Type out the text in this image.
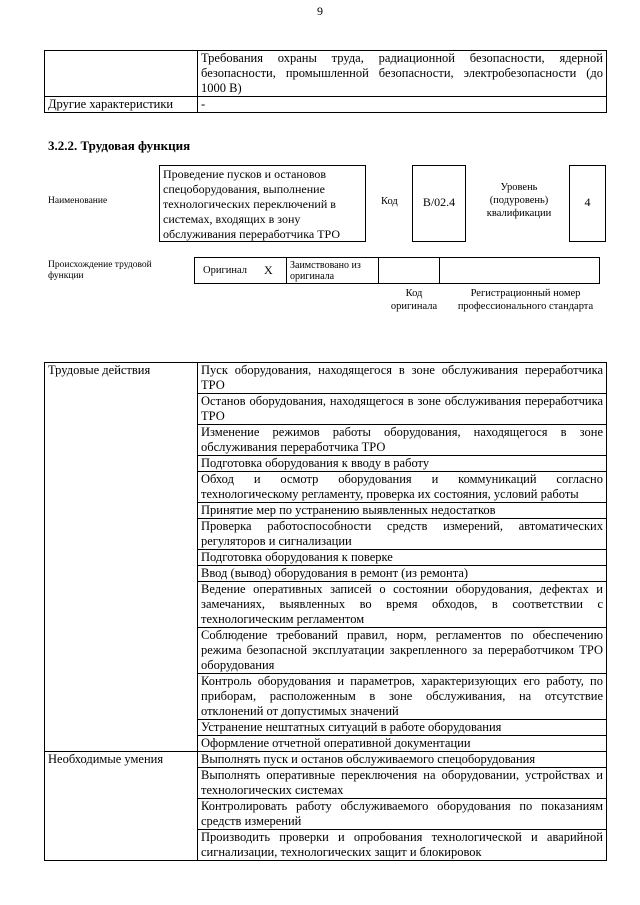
9
	Требования охраны труда, радиационной безопасности, ядерной безопасности, промышленной безопасности, электробезопасности (до 1000 В)
Другие характеристики	-
3.2.2. Трудовая функция
Наименование
Проведение пусков и остановов спецоборудования, выполнение технологических переключений в системах, входящих в зону обслуживания переработчика ТРО
Код	В/02.4
Уровень (подуровень) квалификации
4
Происхождение трудовой функции	Оригинал X	Заимствовано из оригинала
Код оригинала
Регистрационный номер профессионального стандарта
Трудовые действия	Пуск оборудования, находящегося в зоне обслуживания переработчика ТРО
	Останов оборудования, находящегося в зоне обслуживания переработчика ТРО
	Изменение режимов работы оборудования, находящегося в зоне обслуживания переработчика ТРО
	Подготовка оборудования к вводу в работу
	Обход и осмотр оборудования и коммуникаций согласно технологическому регламенту, проверка их состояния, условий работы
	Принятие мер по устранению выявленных недостатков
	Проверка работоспособности средств измерений, автоматических регуляторов и сигнализации
	Подготовка оборудования к поверке
	Ввод (вывод) оборудования в ремонт (из ремонта)
	Ведение оперативных записей о состоянии оборудования, дефектах и замечаниях, выявленных во время обходов, в соответствии с технологическим регламентом
	Соблюдение требований правил, норм, регламентов по обеспечению режима безопасной эксплуатации закрепленного за переработчиком ТРО оборудования
	Контроль оборудования и параметров, характеризующих его работу, по приборам, расположенным в зоне обслуживания, на отсутствие отклонений от допустимых значений
	Устранение нештатных ситуаций в работе оборудования
	Оформление отчетной оперативной документации
Необходимые умения	Выполнять пуск и останов обслуживаемого спецоборудования
	Выполнять оперативные переключения на оборудовании, устройствах и технологических системах
	Контролировать работу обслуживаемого оборудования по показаниям средств измерений
	Производить проверки и опробования технологической и аварийной сигнализации, технологических защит и блокировок
